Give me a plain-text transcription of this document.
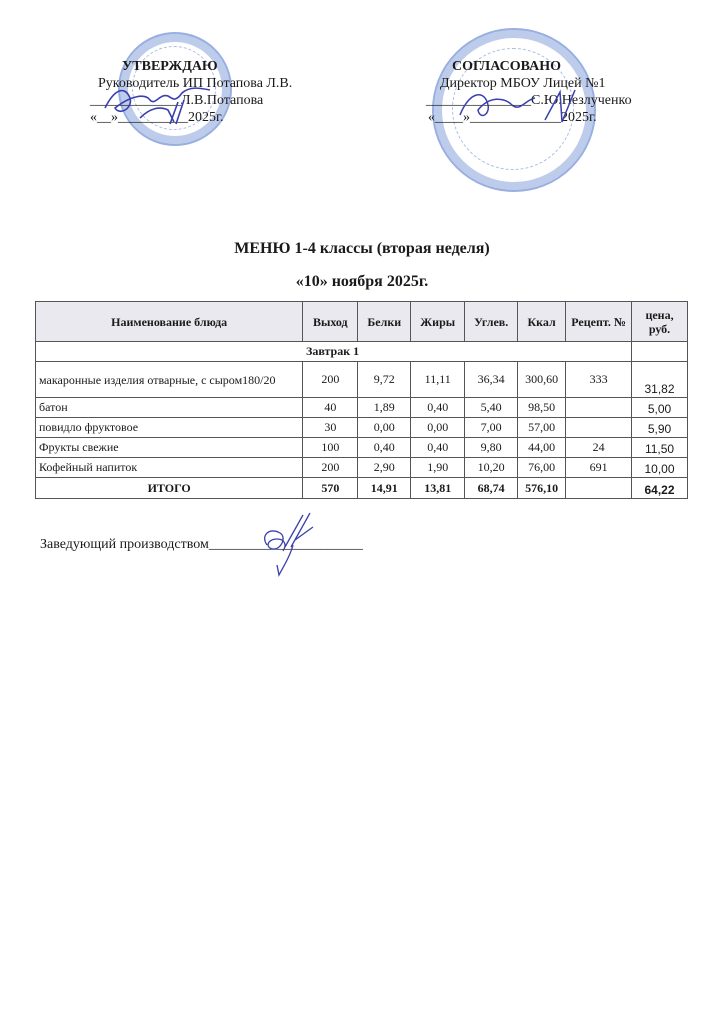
УТВЕРЖДАЮ
Руководитель ИП Потапова Л.В.
_____________Л.В.Потапова
«__»__________2025г.
СОГЛАСОВАНО
Директор МБОУ Лицей №1
_______________С.Ю.Незлученко
«____»_____________2025г.
МЕНЮ 1-4 классы (вторая неделя)
«10» ноября 2025г.
Наименование блюда	Выход	Белки	Жиры	Углев.	Ккал	Рецепт. №	цена, руб.
Завтрак 1							
макаронные изделия отварные, с сыром180/20	200	9,72	11,11	36,34	300,60	333	31,82
батон	40	1,89	0,40	5,40	98,50		5,00
повидло фруктовое	30	0,00	0,00	7,00	57,00		5,90
Фрукты свежие	100	0,40	0,40	9,80	44,00	24	11,50
Кофейный напиток	200	2,90	1,90	10,20	76,00	691	10,00
ИТОГО	570	14,91	13,81	68,74	576,10		64,22
Заведующий производством______________________
